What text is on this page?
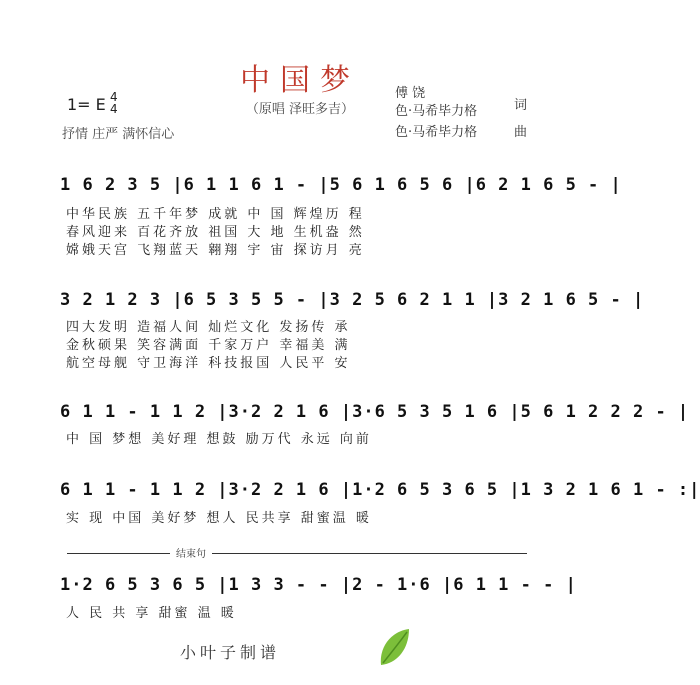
中国梦
（原唱 泽旺多吉）
1= E 4
4
抒情 庄严 满怀信心
傅 饶
色·马希毕力格
色·马希毕力格
词
曲
1 6 2 3 5 |6 1 1 6 1 - |5 6 1 6 5 6 |6 2 1 6 5 - |
中华民族 五千年梦 成就 中 国 辉煌历 程
春风迎来 百花齐放 祖国 大 地 生机盎 然
嫦娥天宫 飞翔蓝天 翱翔 宇 宙 探访月 亮
3 2 1 2 3 |6 5 3 5 5 - |3 2 5 6 2 1 1 |3 2 1 6 5 - |
四大发明 造福人间 灿烂文化 发扬传 承
金秋硕果 笑容满面 千家万户 幸福美 满
航空母舰 守卫海洋 科技报国 人民平 安
6 1 1 - 1 1 2 |3·2 2 1 6 |3·6 5 3 5 1 6 |5 6 1 2 2 2 - |
中 国 梦想 美好理 想鼓 励万代 永远 向前
6 1 1 - 1 1 2 |3·2 2 1 6 |1·2 6 5 3 6 5 |1 3 2 1 6 1 - :|
实 现 中国 美好梦 想人 民共享 甜蜜温 暖
结束句
1·2 6 5 3 6 5 |1 3 3 - - |2 - 1·6 |6 1 1 - - |
人 民 共 享 甜蜜 温 暖
小叶子制谱
